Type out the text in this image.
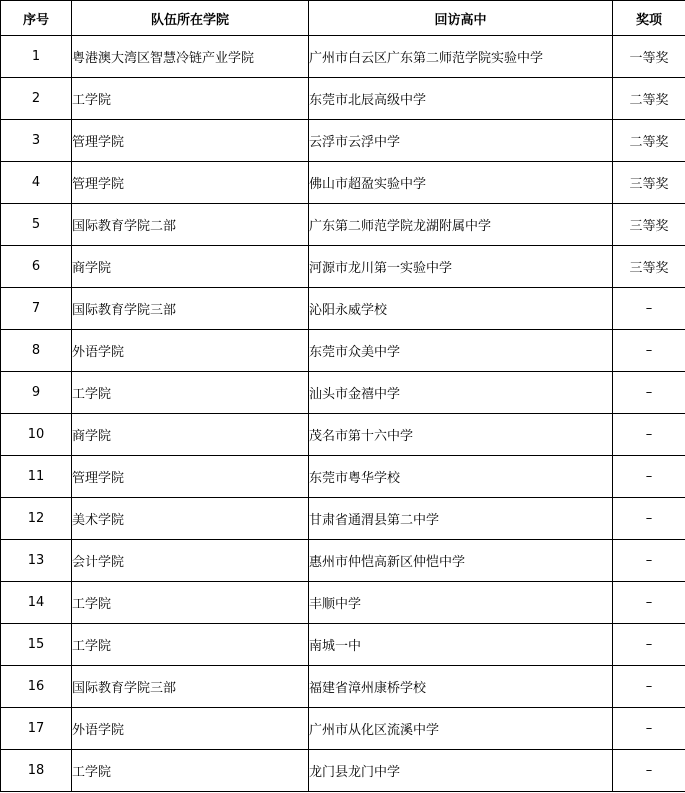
序号	队伍所在学院	回访高中	奖项
1	粤港澳大湾区智慧冷链产业学院	广州市白云区广东第二师范学院实验中学	一等奖
2	工学院	东莞市北辰高级中学	二等奖
3	管理学院	云浮市云浮中学	二等奖
4	管理学院	佛山市超盈实验中学	三等奖
5	国际教育学院二部	广东第二师范学院龙湖附属中学	三等奖
6	商学院	河源市龙川第一实验中学	三等奖
7	国际教育学院三部	沁阳永威学校	–
8	外语学院	东莞市众美中学	–
9	工学院	汕头市金禧中学	–
10	商学院	茂名市第十六中学	–
11	管理学院	东莞市粤华学校	–
12	美术学院	甘肃省通渭县第二中学	–
13	会计学院	惠州市仲恺高新区仲恺中学	–
14	工学院	丰顺中学	–
15	工学院	南城一中	–
16	国际教育学院三部	福建省漳州康桥学校	–
17	外语学院	广州市从化区流溪中学	–
18	工学院	龙门县龙门中学	–
